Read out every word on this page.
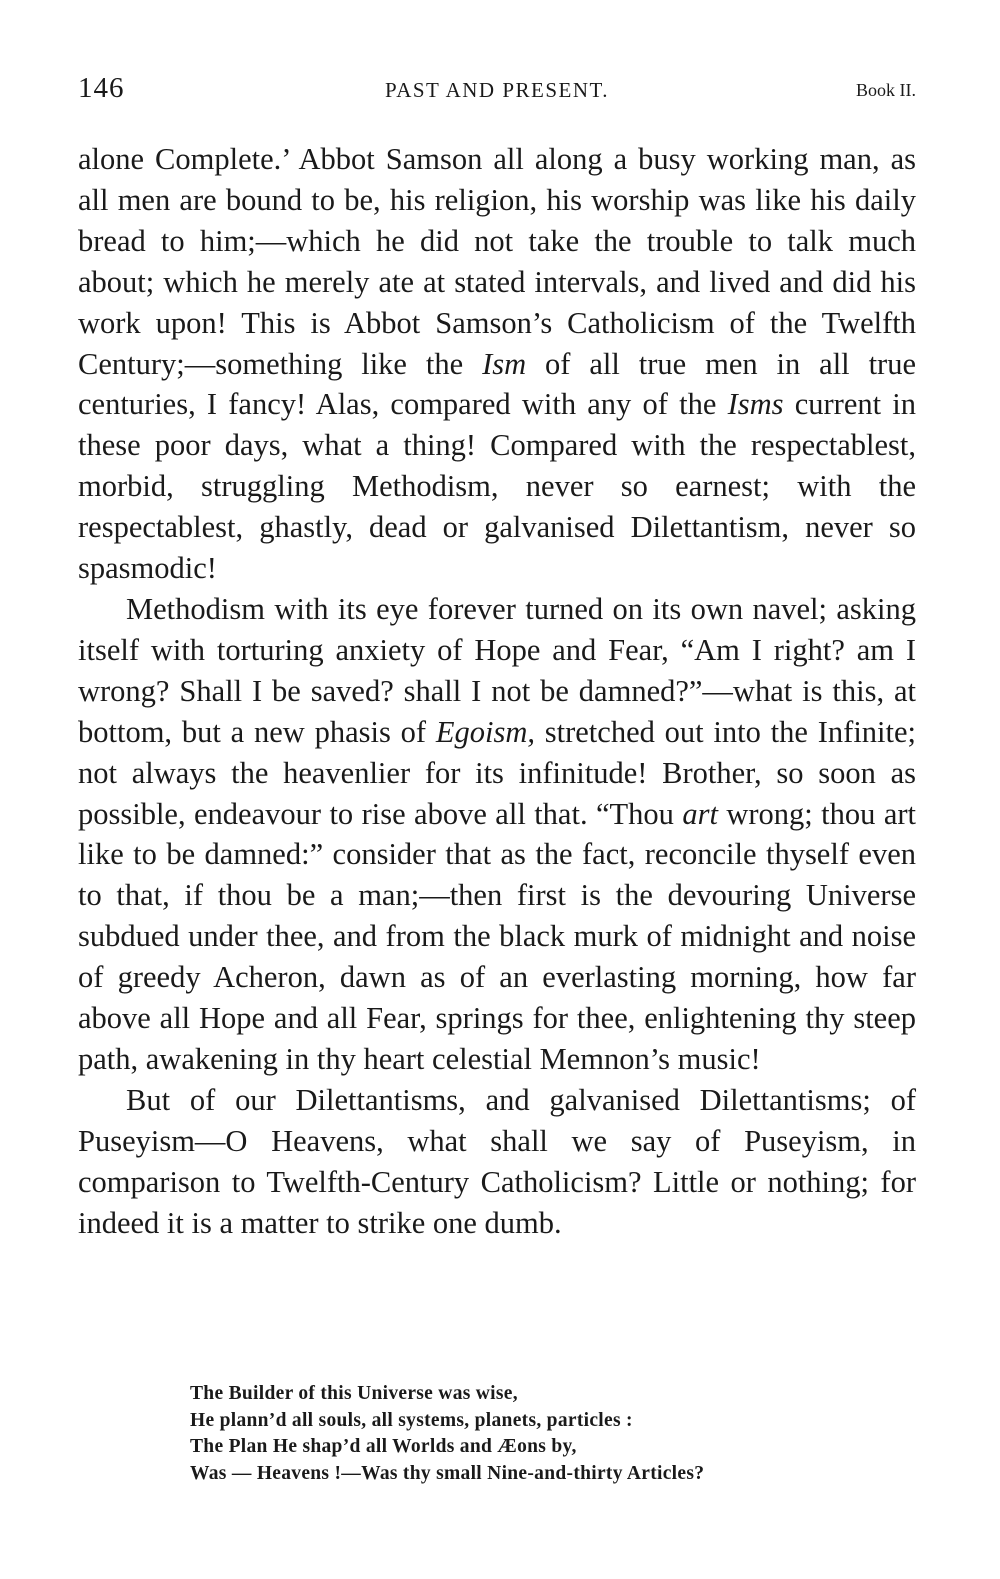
146	PAST AND PRESENT.	Book II.

alone Complete.’ Abbot Samson all along a busy working man, as all men are bound to be, his religion, his worship was like his daily bread to him;—which he did not take the trouble to talk much about; which he merely ate at stated intervals, and lived and did his work upon! This is Abbot Samson’s Catholicism of the Twelfth Century;—something like the Ism of all true men in all true centuries, I fancy! Alas, compared with any of the Isms current in these poor days, what a thing! Compared with the respectablest, morbid, struggling Methodism, never so earnest; with the respectablest, ghastly, dead or galvanised Dilettantism, never so spasmodic!

Methodism with its eye forever turned on its own navel; asking itself with torturing anxiety of Hope and Fear, “Am I right? am I wrong? Shall I be saved? shall I not be damned?”—what is this, at bottom, but a new phasis of Egoism, stretched out into the Infinite; not always the heavenlier for its infinitude! Brother, so soon as possible, endeavour to rise above all that. “Thou art wrong; thou art like to be damned:” consider that as the fact, reconcile thyself even to that, if thou be a man;—then first is the devouring Universe subdued under thee, and from the black murk of midnight and noise of greedy Acheron, dawn as of an everlasting morning, how far above all Hope and all Fear, springs for thee, enlightening thy steep path, awakening in thy heart celestial Memnon’s music!

But of our Dilettantisms, and galvanised Dilettantisms; of Puseyism—O Heavens, what shall we say of Puseyism, in comparison to Twelfth-Century Catholicism? Little or nothing; for indeed it is a matter to strike one dumb.

The Builder of this Universe was wise,
He plann’d all souls, all systems, planets, particles :
The Plan He shap’d all Worlds and Æons by,
Was — Heavens !—Was thy small Nine-and-thirty Articles?
